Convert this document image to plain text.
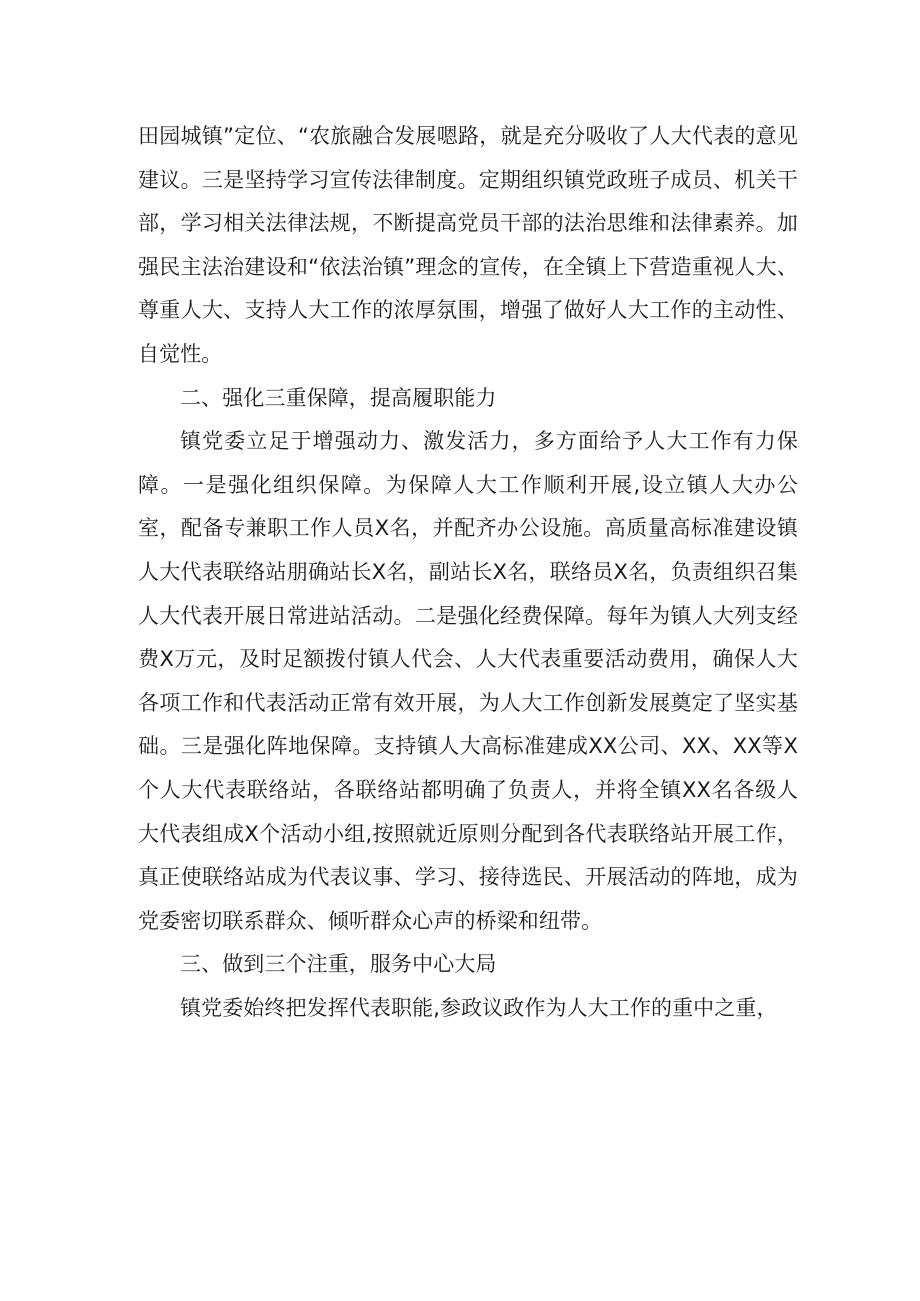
田园城镇”定位、“农旅融合发展嗯路，就是充分吸收了人大代表的意见建议。三是坚持学习宣传法律制度。定期组织镇党政班子成员、机关干部，学习相关法律法规，不断提高党员干部的法治思维和法律素养。加强民主法治建设和“依法治镇”理念的宣传，在全镇上下营造重视人大、尊重人大、支持人大工作的浓厚氛围，增强了做好人大工作的主动性、自觉性。

二、强化三重保障，提高履职能力

镇党委立足于增强动力、激发活力，多方面给予人大工作有力保障。一是强化组织保障。为保障人大工作顺利开展,设立镇人大办公室，配备专兼职工作人员X名，并配齐办公设施。高质量高标准建设镇人大代表联络站朋确站长X名，副站长X名，联络员X名，负责组织召集人大代表开展日常进站活动。二是强化经费保障。每年为镇人大列支经费X万元，及时足额拨付镇人代会、人大代表重要活动费用，确保人大各项工作和代表活动正常有效开展，为人大工作创新发展奠定了坚实基础。三是强化阵地保障。支持镇人大高标准建成XX公司、XX、XX等X个人大代表联络站，各联络站都明确了负责人，并将全镇XX名各级人大代表组成X个活动小组,按照就近原则分配到各代表联络站开展工作，真正使联络站成为代表议事、学习、接待选民、开展活动的阵地，成为党委密切联系群众、倾听群众心声的桥梁和纽带。

三、做到三个注重，服务中心大局

镇党委始终把发挥代表职能,参政议政作为人大工作的重中之重，
